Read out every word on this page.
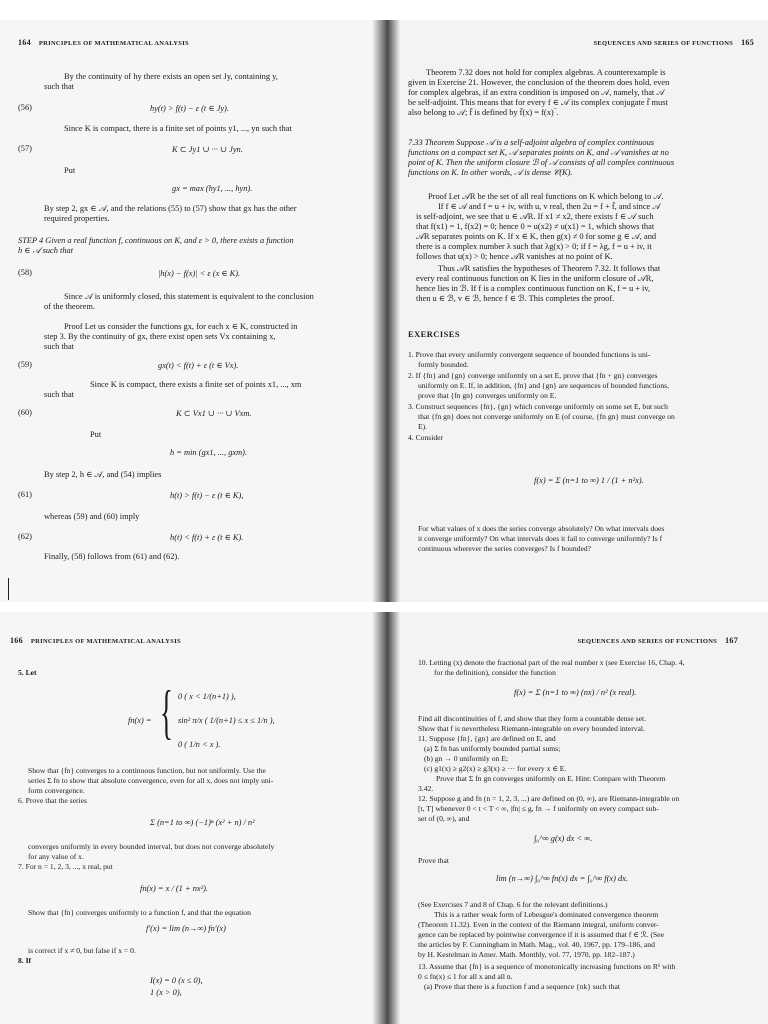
164 PRINCIPLES OF MATHEMATICAL ANALYSIS
By the continuity of hy there exists an open set Jy, containing y,
such that
(56)	hy(t) > f(t) − ε (t ∈ Jy).
Since K is compact, there is a finite set of points y1, ..., yn such that
(57)	K ⊂ Jy1 ∪ ··· ∪ Jyn.
Put
gx = max (hy1, ..., hyn).
By step 2, gx ∈ 𝒜, and the relations (55) to (57) show that gx has the other
required properties.
STEP 4 Given a real function f, continuous on K, and ε > 0, there exists a function
h ∈ 𝒜 such that
(58)	|h(x) − f(x)| < ε (x ∈ K).
Since 𝒜 is uniformly closed, this statement is equivalent to the conclusion
of the theorem.
Proof Let us consider the functions gx, for each x ∈ K, constructed in
step 3. By the continuity of gx, there exist open sets Vx containing x,
such that
(59)	gx(t) < f(t) + ε (t ∈ Vx).
Since K is compact, there exists a finite set of points x1, ..., xm
such that
(60)	K ⊂ Vx1 ∪ ··· ∪ Vxm.
Put
h = min (gx1, ..., gxm).
By step 2, h ∈ 𝒜, and (54) implies
(61)	h(t) > f(t) − ε (t ∈ K),
whereas (59) and (60) imply
(62)	h(t) < f(t) + ε (t ∈ K).
Finally, (58) follows from (61) and (62).
SEQUENCES AND SERIES OF FUNCTIONS 165
Theorem 7.32 does not hold for complex algebras. A counterexample is
given in Exercise 21. However, the conclusion of the theorem does hold, even
for complex algebras, if an extra condition is imposed on 𝒜, namely, that 𝒜
be self-adjoint. This means that for every f ∈ 𝒜 its complex conjugate f̄ must
also belong to 𝒜; f̄ is defined by f̄(x) = f(x)‾.
7.33 Theorem Suppose 𝒜 is a self-adjoint algebra of complex continuous
functions on a compact set K, 𝒜 separates points on K, and 𝒜 vanishes at no
point of K. Then the uniform closure ℬ of 𝒜 consists of all complex continuous
functions on K. In other words, 𝒜 is dense 𝒞(K).
Proof Let 𝒜R be the set of all real functions on K which belong to 𝒜.
If f ∈ 𝒜 and f = u + iv, with u, v real, then 2u = f + f̄, and since 𝒜
is self-adjoint, we see that u ∈ 𝒜R. If x1 ≠ x2, there exists f ∈ 𝒜 such
that f(x1) = 1, f(x2) = 0; hence 0 = u(x2) ≠ u(x1) = 1, which shows that
𝒜R separates points on K. If x ∈ K, then g(x) ≠ 0 for some g ∈ 𝒜, and
there is a complex number λ such that λg(x) > 0; if f = λg, f = u + iv, it
follows that u(x) > 0; hence 𝒜R vanishes at no point of K.
Thus 𝒜R satisfies the hypotheses of Theorem 7.32. It follows that
every real continuous function on K lies in the uniform closure of 𝒜R,
hence lies in ℬ. If f is a complex continuous function on K, f = u + iv,
then u ∈ ℬ, v ∈ ℬ, hence f ∈ ℬ. This completes the proof.
EXERCISES
1. Prove that every uniformly convergent sequence of bounded functions is uni-
formly bounded.
2. If {fn} and {gn} converge uniformly on a set E, prove that {fn + gn} converges
uniformly on E. If, in addition, {fn} and {gn} are sequences of bounded functions,
prove that {fn gn} converges uniformly on E.
3. Construct sequences {fn}, {gn} which converge uniformly on some set E, but such
that {fn gn} does not converge uniformly on E (of course, {fn gn} must converge on
E).
4. Consider
f(x) = Σ (n=1 to ∞) 1 / (1 + n²x).
For what values of x does the series converge absolutely? On what intervals does
it converge uniformly? On what intervals does it fail to converge uniformly? Is f
continuous wherever the series converges? Is f bounded?
166 PRINCIPLES OF MATHEMATICAL ANALYSIS
5. Let
fn(x) = { 0 ( x < 1/(n+1) ),
sin² π/x ( 1/(n+1) ≤ x ≤ 1/n ),
0 ( 1/n < x ).
Show that {fn} converges to a continuous function, but not uniformly. Use the
series Σ fn to show that absolute convergence, even for all x, does not imply uni-
form convergence.
6. Prove that the series
Σ (n=1 to ∞) (−1)ⁿ (x² + n) / n²
converges uniformly in every bounded interval, but does not converge absolutely
for any value of x.
7. For n = 1, 2, 3, ..., x real, put
fn(x) = x / (1 + nx²).
Show that {fn} converges uniformly to a function f, and that the equation
f′(x) = lim (n→∞) fn′(x)
is correct if x ≠ 0, but false if x = 0.
8. If
I(x) = 0 (x ≤ 0),
1 (x > 0),
SEQUENCES AND SERIES OF FUNCTIONS 167
10. Letting (x) denote the fractional part of the real number x (see Exercise 16, Chap. 4,
for the definition), consider the function
f(x) = Σ (n=1 to ∞) (nx) / n² (x real).
Find all discontinuities of f, and show that they form a countable dense set.
Show that f is nevertheless Riemann-integrable on every bounded interval.
11. Suppose {fn}, {gn} are defined on E, and
(a) Σ fn has uniformly bounded partial sums;
(b) gn → 0 uniformly on E;
(c) g1(x) ≥ g2(x) ≥ g3(x) ≥ ··· for every x ∈ E.
Prove that Σ fn gn converges uniformly on E. Hint: Compare with Theorem
3.42.
12. Suppose g and fn (n = 1, 2, 3, ...) are defined on (0, ∞), are Riemann-integrable on
[t, T] whenever 0 < t < T < ∞, |fn| ≤ g, fn → f uniformly on every compact sub-
set of (0, ∞), and
∫₀^∞ g(x) dx < ∞.
Prove that
lim (n→∞) ∫₀^∞ fn(x) dx = ∫₀^∞ f(x) dx.
(See Exercises 7 and 8 of Chap. 6 for the relevant definitions.)
This is a rather weak form of Lebesgue's dominated convergence theorem
(Theorem 11.32). Even in the context of the Riemann integral, uniform conver-
gence can be replaced by pointwise convergence if it is assumed that f ∈ ℛ. (See
the articles by F. Cunningham in Math. Mag., vol. 40, 1967, pp. 179–186, and
by H. Kestelman in Amer. Math. Monthly, vol. 77, 1970, pp. 182–187.)
13. Assume that {fn} is a sequence of monotonically increasing functions on R¹ with
0 ≤ fn(x) ≤ 1 for all x and all n.
(a) Prove that there is a function f and a sequence {nk} such that
